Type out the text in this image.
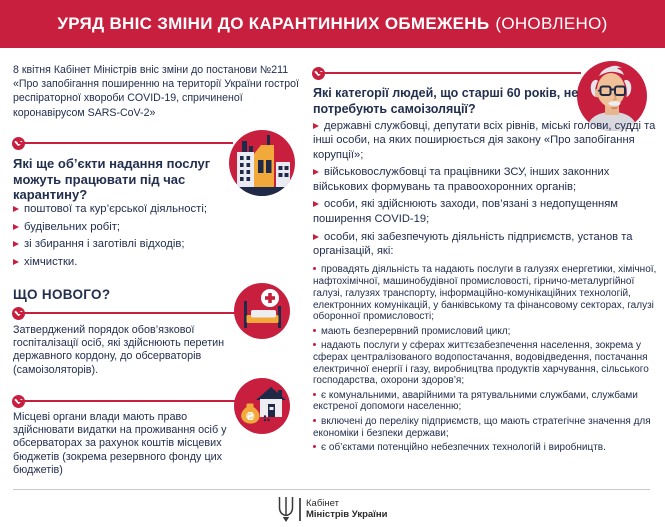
УРЯД ВНІС ЗМІНИ ДО КАРАНТИННИХ ОБМЕЖЕНЬ (ОНОВЛЕНО)
8 квітня Кабінет Міністрів вніс зміни до постанови №211 «Про запобігання поширенню на території України гострої респіраторної хвороби COVID-19, спричиненої коронавірусом SARS-CoV-2»
Які ще об’єкти надання послуг можуть працювати під час карантину?
поштової та кур’єрської діяльності;
будівельних робіт;
зі збирання і заготівлі відходів;
хімчистки.
ЩО НОВОГО?
Затверджений порядок обов’язкової госпіталізації осіб, які здійснюють перетин державного кордону, до обсерваторів (самоізоляторів).
₴
Місцеві органи влади мають право здійснювати видатки на проживання осіб у обсерваторах за рахунок коштів місцевих бюджетів (зокрема резервного фонду цих бюджетів)
Які категорії людей, що старші 60 років, не потребують самоізоляції?
державні службовці, депутати всіх рівнів, міські голови, судді та інші особи, на яких поширюється дія закону «Про запобігання корупції»;
військовослужбовці та працівники ЗСУ, інших законних військових формувань та правоохоронних органів;
особи, які здійснюють заходи, пов’язані з недопущенням поширення COVID-19;
особи, які забезпечують діяльність підприємств, установ та організацій, які:
провадять діяльність та надають послуги в галузях енергетики, хімічної, нафтохімічної, машинобудівної промисловості, гірничо-металургійної галузі, галузях транспорту, інформаційно-комунікаційних технологій, електронних комунікацій, у банківському та фінансовому секторах, галузі оборонної промисловості;
мають безперервний промисловий цикл;
надають послуги у сферах життєзабезпечення населення, зокрема у сферах централізованого водопостачання, водовідведення, постачання електричної енергії і газу, виробництва продуктів харчування, сільського господарства, охорони здоров’я;
є комунальними, аварійними та рятувальними службами, службами екстреної допомоги населенню;
включені до переліку підприємств, що мають стратегічне значення для економіки і безпеки держави;
є об’єктами потенційно небезпечних технологій і виробництв.
Кабінет
Міністрів України
